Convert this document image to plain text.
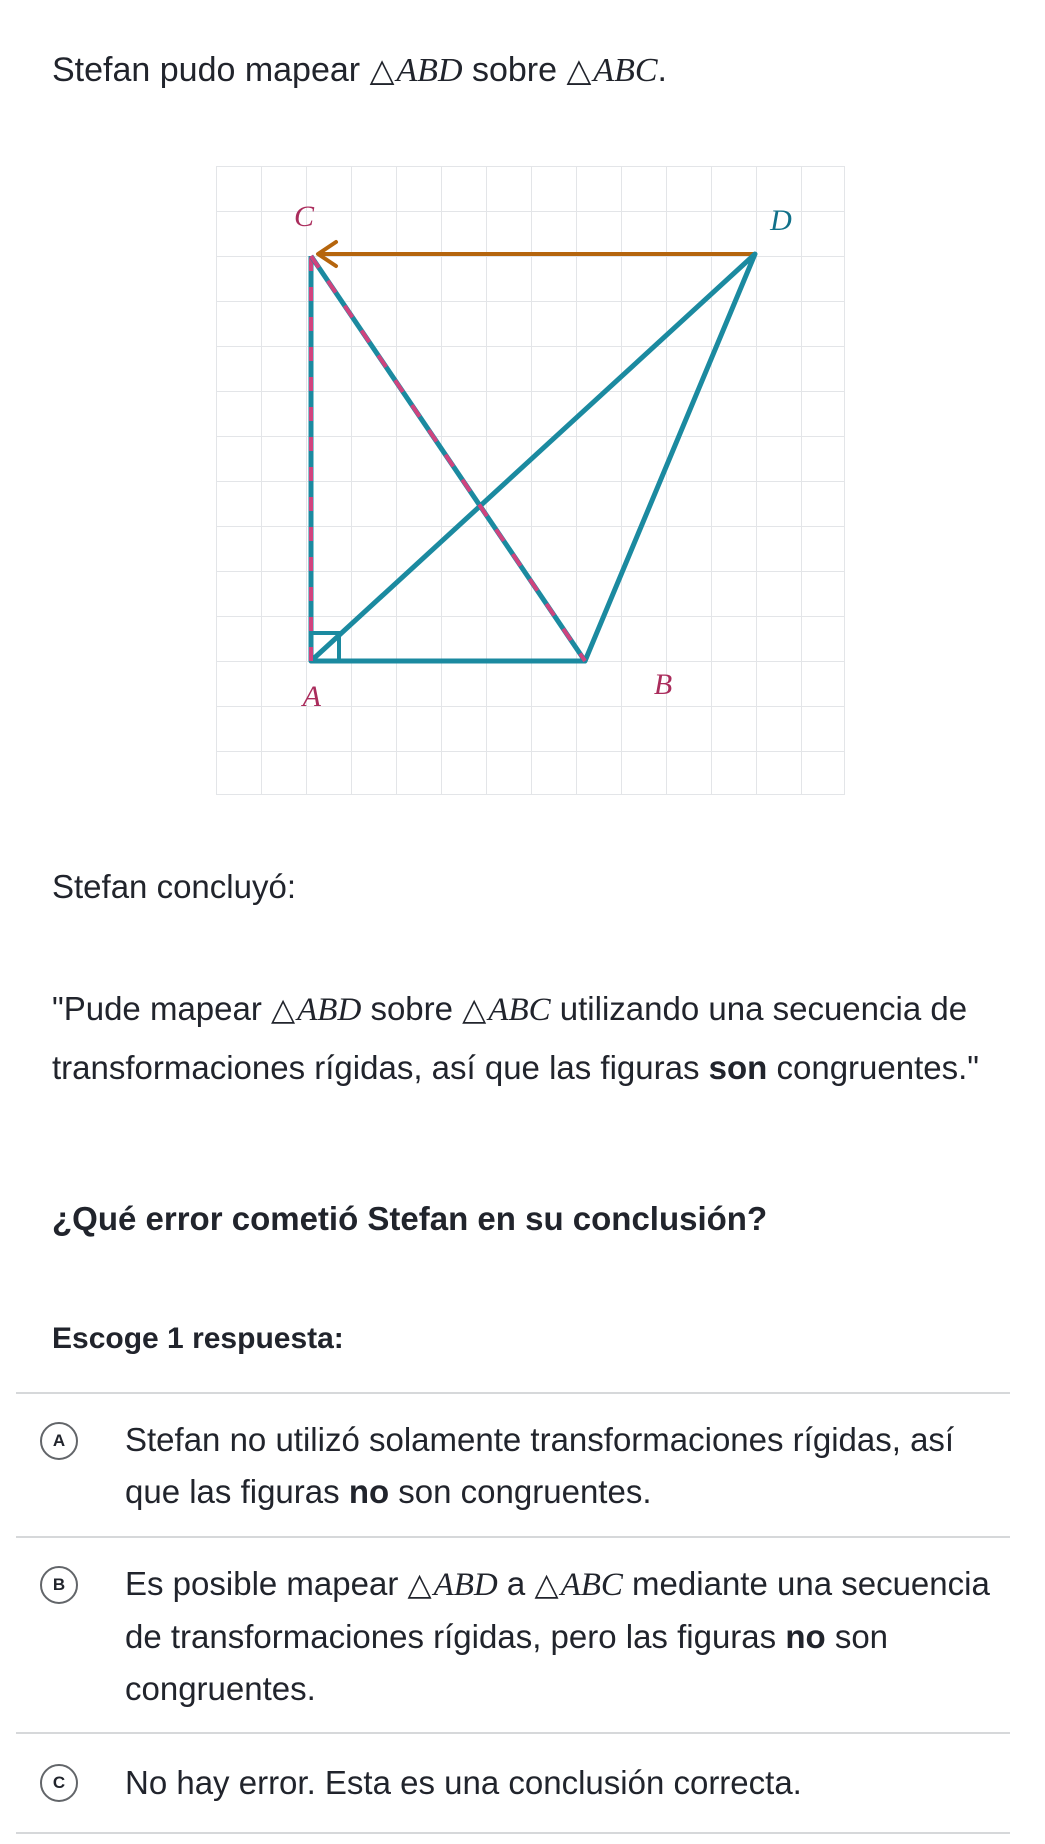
Stefan pudo mapear △ABD sobre △ABC.
C	D
A	B
Stefan concluyó:
"Pude mapear △ABD sobre △ABC utilizando una secuencia de transformaciones rígidas, así que las figuras son congruentes."
¿Qué error cometió Stefan en su conclusión?
Escoge 1 respuesta:
A	Stefan no utilizó solamente transformaciones rígidas, así que las figuras no son congruentes.
B	Es posible mapear △ABD a △ABC mediante una secuencia de transformaciones rígidas, pero las figuras no son congruentes.
C	No hay error. Esta es una conclusión correcta.
